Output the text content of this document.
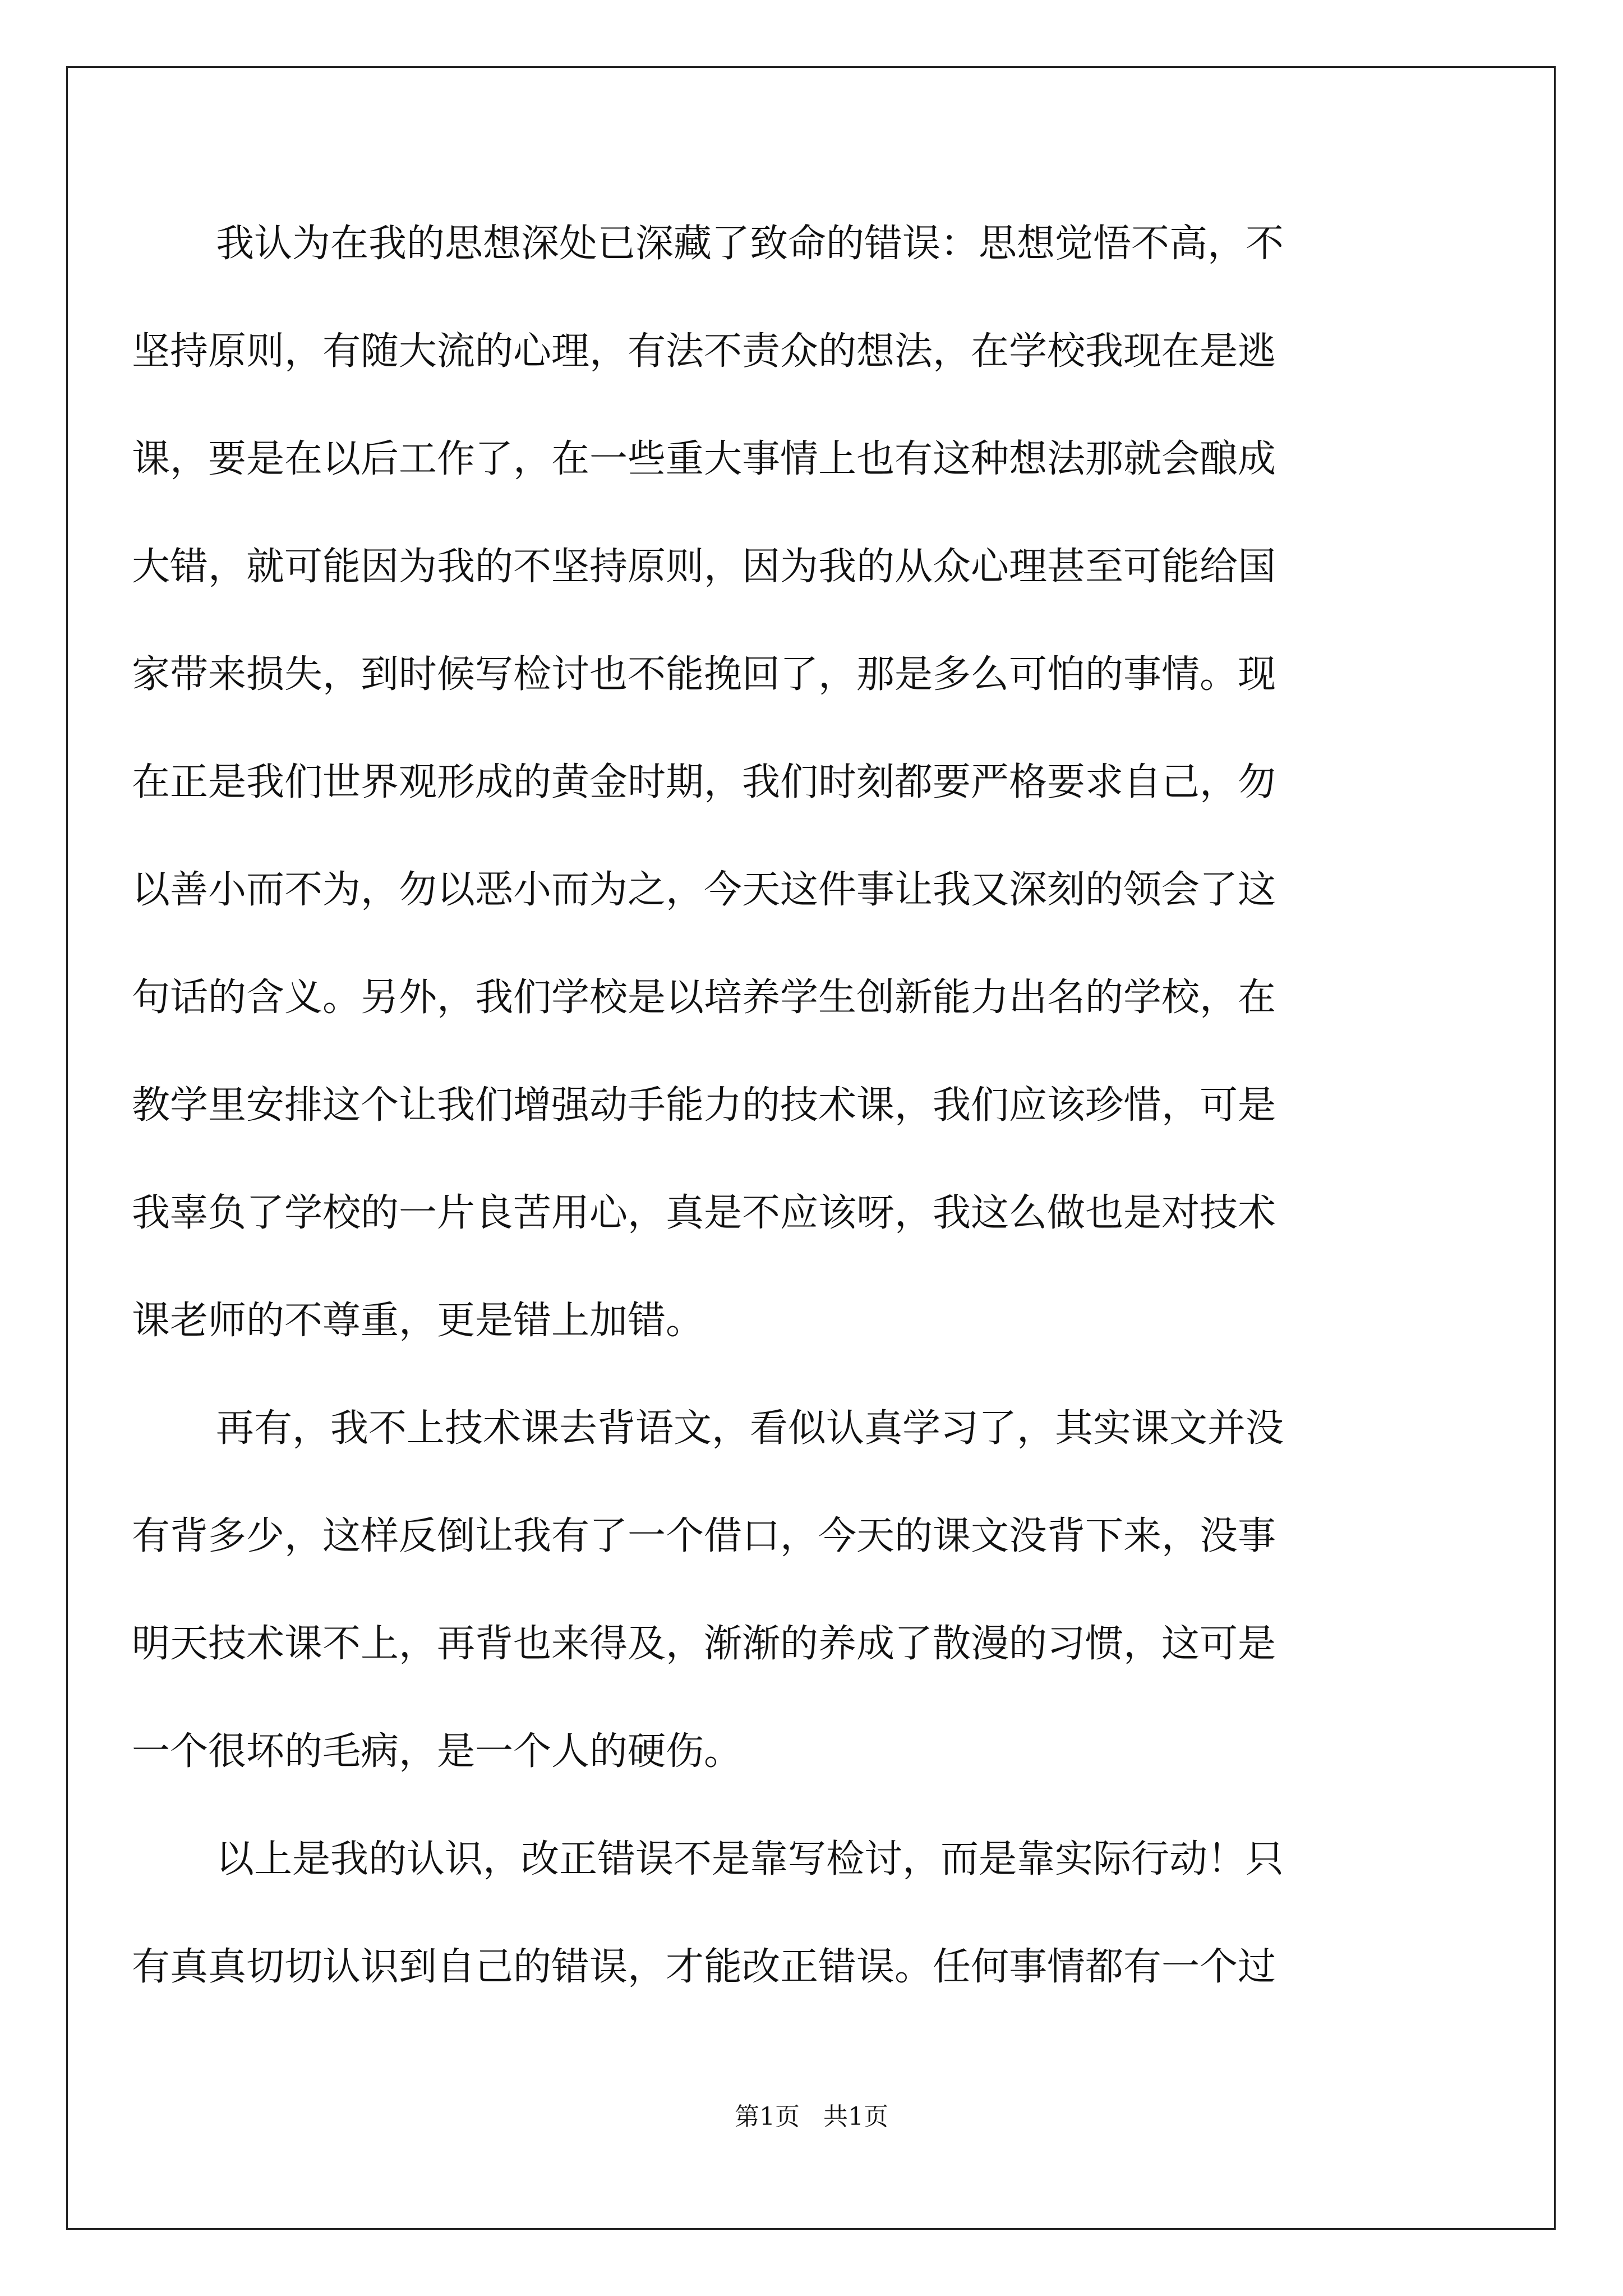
我认为在我的思想深处已深藏了致命的错误：思想觉悟不高，不
坚持原则，有随大流的心理，有法不责众的想法，在学校我现在是逃
课，要是在以后工作了，在一些重大事情上也有这种想法那就会酿成
大错，就可能因为我的不坚持原则，因为我的从众心理甚至可能给国
家带来损失，到时候写检讨也不能挽回了，那是多么可怕的事情。现
在正是我们世界观形成的黄金时期，我们时刻都要严格要求自己，勿
以善小而不为，勿以恶小而为之，今天这件事让我又深刻的领会了这
句话的含义。另外，我们学校是以培养学生创新能力出名的学校，在
教学里安排这个让我们增强动手能力的技术课，我们应该珍惜，可是
我辜负了学校的一片良苦用心，真是不应该呀，我这么做也是对技术
课老师的不尊重，更是错上加错。
再有，我不上技术课去背语文，看似认真学习了，其实课文并没
有背多少，这样反倒让我有了一个借口，今天的课文没背下来，没事
明天技术课不上，再背也来得及，渐渐的养成了散漫的习惯，这可是
一个很坏的毛病，是一个人的硬伤。
以上是我的认识，改正错误不是靠写检讨，而是靠实际行动！只
有真真切切认识到自己的错误，才能改正错误。任何事情都有一个过
第1页   共1页
